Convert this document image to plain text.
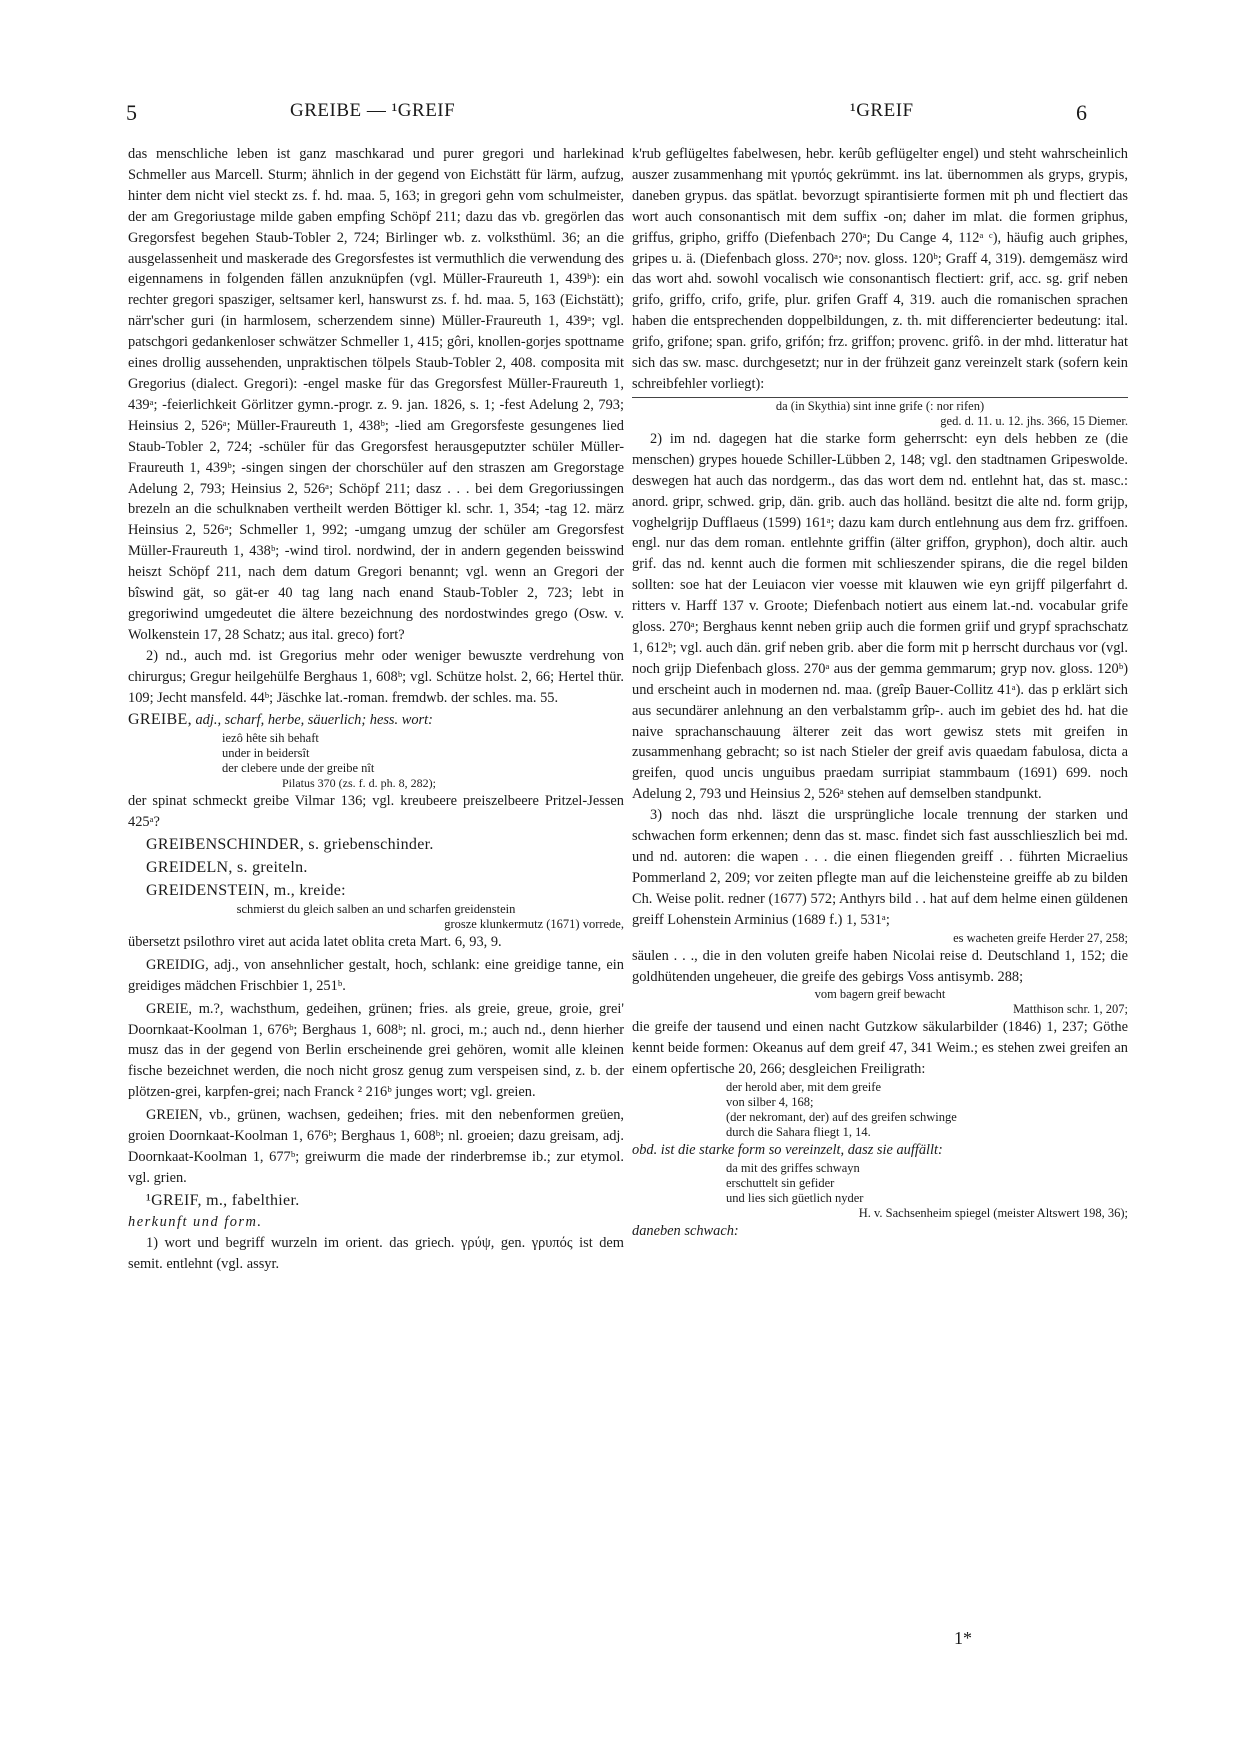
5	GREIBE — ¹GREIF	¹GREIF	6

das menschliche leben ist ganz maschkarad und purer gregori und harlekinad Schmeller aus Marcell. Sturm; ähnlich in der gegend von Eichstätt für lärm, aufzug, hinter dem nicht viel steckt zs. f. hd. maa. 5, 163; in gregori gehn vom schulmeister, der am Gregoriustage milde gaben empfing Schöpf 211; dazu das vb. gregörlen das Gregorsfest begehen Staub-Tobler 2, 724; Birlinger wb. z. volksthüml. 36; an die ausgelassenheit und maskerade des Gregorsfestes ist vermuthlich die verwendung des eigennamens in folgenden fällen anzuknüpfen (vgl. Müller-Fraureuth 1, 439ᵇ): ein rechter gregori spasziger, seltsamer kerl, hanswurst zs. f. hd. maa. 5, 163 (Eichstätt); närr'scher guri (in harmlosem, scherzendem sinne) Müller-Fraureuth 1, 439ᵃ; vgl. patschgori gedankenloser schwätzer Schmeller 1, 415; gôri, knollen-gorjes spottname eines drollig aussehenden, unpraktischen tölpels Staub-Tobler 2, 408. composita mit Gregorius (dialect. Gregori): -engel maske für das Gregorsfest Müller-Fraureuth 1, 439ᵃ; -feierlichkeit Görlitzer gymn.-progr. z. 9. jan. 1826, s. 1; -fest Adelung 2, 793; Heinsius 2, 526ᵃ; Müller-Fraureuth 1, 438ᵇ; -lied am Gregorsfeste gesungenes lied Staub-Tobler 2, 724; -schüler für das Gregorsfest herausgeputzter schüler Müller-Fraureuth 1, 439ᵇ; -singen singen der chorschüler auf den straszen am Gregorstage Adelung 2, 793; Heinsius 2, 526ᵃ; Schöpf 211; dasz . . . bei dem Gregoriussingen brezeln an die schulknaben vertheilt werden Böttiger kl. schr. 1, 354; -tag 12. märz Heinsius 2, 526ᵃ; Schmeller 1, 992; -umgang umzug der schüler am Gregorsfest Müller-Fraureuth 1, 438ᵇ; -wind tirol. nordwind, der in andern gegenden beisswind heiszt Schöpf 211, nach dem datum Gregori benannt; vgl. wenn an Gregori der bîswind gät, so gät-er 40 tag lang nach enand Staub-Tobler 2, 723; lebt in gregoriwind umgedeutet die ältere bezeichnung des nordostwindes grego (Osw. v. Wolkenstein 17, 28 Schatz; aus ital. greco) fort?

2) nd., auch md. ist Gregorius mehr oder weniger bewuszte verdrehung von chirurgus; Gregur heilgehülfe Berghaus 1, 608ᵇ; vgl. Schütze holst. 2, 66; Hertel thür. 109; Jecht mansfeld. 44ᵇ; Jäschke lat.-roman. fremdwb. der schles. ma. 55.

GREIBE, adj., scharf, herbe, säuerlich; hess. wort:

iezô hête sih behaft
under in beidersît
der clebere unde der greibe nît
Pilatus 370 (zs. f. d. ph. 8, 282);

der spinat schmeckt greibe Vilmar 136; vgl. kreubeere preiszelbeere Pritzel-Jessen 425ᵃ?

GREIBENSCHINDER, s. griebenschinder.

GREIDELN, s. greiteln.

GREIDENSTEIN, m., kreide:

schmierst du gleich salben an und scharfen greidenstein

grosze klunkermutz (1671) vorrede,

übersetzt psilothro viret aut acida latet oblita creta Mart. 6, 93, 9.

GREIDIG, adj., von ansehnlicher gestalt, hoch, schlank: eine greidige tanne, ein greidiges mädchen Frischbier 1, 251ᵇ.

GREIE, m.?, wachsthum, gedeihen, grünen; fries. als greie, greue, groie, grei' Doornkaat-Koolman 1, 676ᵇ; Berghaus 1, 608ᵇ; nl. groci, m.; auch nd., denn hierher musz das in der gegend von Berlin erscheinende grei gehören, womit alle kleinen fische bezeichnet werden, die noch nicht grosz genug zum verspeisen sind, z. b. der plötzen-grei, karpfen-grei; nach Franck ² 216ᵇ junges wort; vgl. greien.

GREIEN, vb., grünen, wachsen, gedeihen; fries. mit den nebenformen greüen, groien Doornkaat-Koolman 1, 676ᵇ; Berghaus 1, 608ᵇ; nl. groeien; dazu greisam, adj. Doornkaat-Koolman 1, 677ᵇ; greiwurm die made der rinderbremse ib.; zur etymol. vgl. grien.

¹GREIF, m., fabelthier.

herkunft und form.

1) wort und begriff wurzeln im orient. das griech. γρύψ, gen. γρυπός ist dem semit. entlehnt (vgl. assyr.

k'rub geflügeltes fabelwesen, hebr. kerûb geflügelter engel) und steht wahrscheinlich auszer zusammenhang mit γρυπός gekrümmt. ins lat. übernommen als gryps, grypis, daneben grypus. das spätlat. bevorzugt spirantisierte formen mit ph und flectiert das wort auch consonantisch mit dem suffix -on; daher im mlat. die formen griphus, griffus, gripho, griffo (Diefenbach 270ᵃ; Du Cange 4, 112ᵃ ᶜ), häufig auch griphes, gripes u. ä. (Diefenbach gloss. 270ᵃ; nov. gloss. 120ᵇ; Graff 4, 319). demgemäsz wird das wort ahd. sowohl vocalisch wie consonantisch flectiert: grif, acc. sg. grif neben grifo, griffo, crifo, grife, plur. grifen Graff 4, 319. auch die romanischen sprachen haben die entsprechenden doppelbildungen, z. th. mit differencierter bedeutung: ital. grifo, grifone; span. grifo, grifón; frz. griffon; provenc. grifô. in der mhd. litteratur hat sich das sw. masc. durchgesetzt; nur in der frühzeit ganz vereinzelt stark (sofern kein schreibfehler vorliegt):

da (in Skythia) sint inne grife (: nor rifen)

ged. d. 11. u. 12. jhs. 366, 15 Diemer.

2) im nd. dagegen hat die starke form geherrscht: eyn dels hebben ze (die menschen) grypes houede Schiller-Lübben 2, 148; vgl. den stadtnamen Gripeswolde. deswegen hat auch das nordgerm., das das wort dem nd. entlehnt hat, das st. masc.: anord. gripr, schwed. grip, dän. grib. auch das holländ. besitzt die alte nd. form grijp, voghelgrijp Dufflaeus (1599) 161ᵃ; dazu kam durch entlehnung aus dem frz. griffoen. engl. nur das dem roman. entlehnte griffin (älter griffon, gryphon), doch altir. auch grif. das nd. kennt auch die formen mit schlieszender spirans, die die regel bilden sollten: soe hat der Leuiacon vier voesse mit klauwen wie eyn grijff pilgerfahrt d. ritters v. Harff 137 v. Groote; Diefenbach notiert aus einem lat.-nd. vocabular grife gloss. 270ᵃ; Berghaus kennt neben griip auch die formen griif und grypf sprachschatz 1, 612ᵇ; vgl. auch dän. grif neben grib. aber die form mit p herrscht durchaus vor (vgl. noch grijp Diefenbach gloss. 270ᵃ aus der gemma gemmarum; gryp nov. gloss. 120ᵇ) und erscheint auch in modernen nd. maa. (greîp Bauer-Collitz 41ᵃ). das p erklärt sich aus secundärer anlehnung an den verbalstamm grîp-. auch im gebiet des hd. hat die naive sprachanschauung älterer zeit das wort gewisz stets mit greifen in zusammenhang gebracht; so ist nach Stieler der greif avis quaedam fabulosa, dicta a greifen, quod uncis unguibus praedam surripiat stammbaum (1691) 699. noch Adelung 2, 793 und Heinsius 2, 526ᵃ stehen auf demselben standpunkt.

3) noch das nhd. läszt die ursprüngliche locale trennung der starken und schwachen form erkennen; denn das st. masc. findet sich fast ausschlieszlich bei md. und nd. autoren: die wapen . . . die einen fliegenden greiff . . führten Micraelius Pommerland 2, 209; vor zeiten pflegte man auf die leichensteine greiffe ab zu bilden Ch. Weise polit. redner (1677) 572; Anthyrs bild . . hat auf dem helme einen güldenen greiff Lohenstein Arminius (1689 f.) 1, 531ᵃ;

es wacheten greife Herder 27, 258;

säulen . . ., die in den voluten greife haben Nicolai reise d. Deutschland 1, 152; die goldhütenden ungeheuer, die greife des gebirgs Voss antisymb. 288;

vom bagern greif bewacht

Matthison schr. 1, 207;

die greife der tausend und einen nacht Gutzkow säkularbilder (1846) 1, 237; Göthe kennt beide formen: Okeanus auf dem greif 47, 341 Weim.; es stehen zwei greifen an einem opfertische 20, 266; desgleichen Freiligrath:

der herold aber, mit dem greife
von silber 4, 168;
(der nekromant, der) auf des greifen schwinge
durch die Sahara fliegt 1, 14.

obd. ist die starke form so vereinzelt, dasz sie auffällt:

da mit des griffes schwayn
erschuttelt sin gefider
und lies sich güetlich nyder

H. v. Sachsenheim spiegel (meister Altswert 198, 36);

daneben schwach:

1*
